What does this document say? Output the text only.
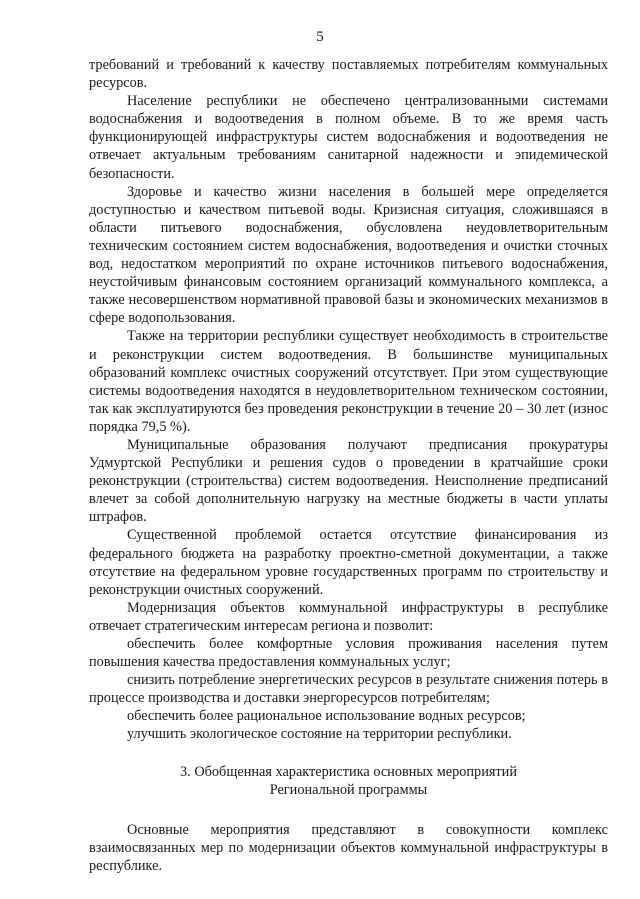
5

требований и требований к качеству поставляемых потребителям коммунальных ресурсов.

Население республики не обеспечено централизованными системами водоснабжения и водоотведения в полном объеме. В то же время часть функционирующей инфраструктуры систем водоснабжения и водоотведения не отвечает актуальным требованиям санитарной надежности и эпидемической безопасности.

Здоровье и качество жизни населения в большей мере определяется доступностью и качеством питьевой воды. Кризисная ситуация, сложившаяся в области питьевого водоснабжения, обусловлена неудовлетворительным техническим состоянием систем водоснабжения, водоотведения и очистки сточных вод, недостатком мероприятий по охране источников питьевого водоснабжения, неустойчивым финансовым состоянием организаций коммунального комплекса, а также несовершенством нормативной правовой базы и экономических механизмов в сфере водопользования.

Также на территории республики существует необходимость в строительстве и реконструкции систем водоотведения. В большинстве муниципальных образований комплекс очистных сооружений отсутствует. При этом существующие системы водоотведения находятся в неудовлетворительном техническом состоянии, так как эксплуатируются без проведения реконструкции в течение 20 – 30 лет (износ порядка 79,5 %).

Муниципальные образования получают предписания прокуратуры Удмуртской Республики и решения судов о проведении в кратчайшие сроки реконструкции (строительства) систем водоотведения. Неисполнение предписаний влечет за собой дополнительную нагрузку на местные бюджеты в части уплаты штрафов.

Существенной проблемой остается отсутствие финансирования из федерального бюджета на разработку проектно-сметной документации, а также отсутствие на федеральном уровне государственных программ по строительству и реконструкции очистных сооружений.

Модернизация объектов коммунальной инфраструктуры в республике отвечает стратегическим интересам региона и позволит:

обеспечить более комфортные условия проживания населения путем повышения качества предоставления коммунальных услуг;

снизить потребление энергетических ресурсов в результате снижения потерь в процессе производства и доставки энергоресурсов потребителям;

обеспечить более рациональное использование водных ресурсов;

улучшить экологическое состояние на территории республики.

3. Обобщенная характеристика основных мероприятий
Региональной программы

Основные мероприятия представляют в совокупности комплекс взаимосвязанных мер по модернизации объектов коммунальной инфраструктуры в республике.
